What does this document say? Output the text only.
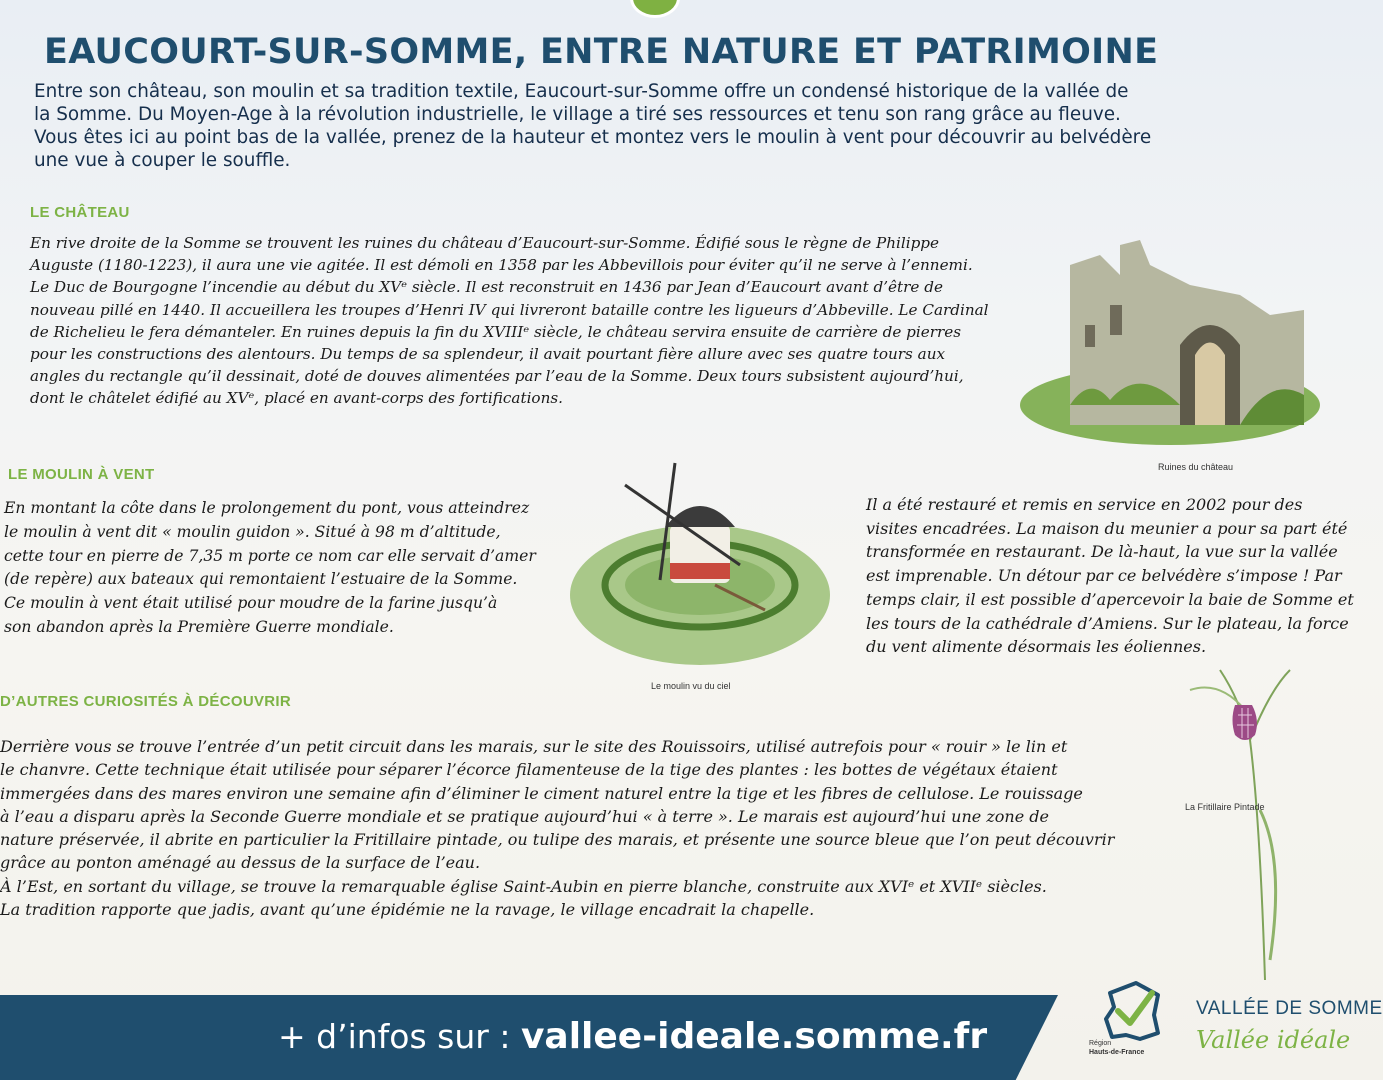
EAUCOURT-SUR-SOMME, ENTRE NATURE ET PATRIMOINE
Entre son château, son moulin et sa tradition textile, Eaucourt-sur-Somme offre un condensé historique de la vallée de
la Somme. Du Moyen-Age à la révolution industrielle, le village a tiré ses ressources et tenu son rang grâce au fleuve.
Vous êtes ici au point bas de la vallée, prenez de la hauteur et montez vers le moulin à vent pour découvrir au belvédère
une vue à couper le souffle.
LE CHÂTEAU
En rive droite de la Somme se trouvent les ruines du château d’Eaucourt-sur-Somme. Édifié sous le règne de Philippe
Auguste (1180-1223), il aura une vie agitée. Il est démoli en 1358 par les Abbevillois pour éviter qu’il ne serve à l’ennemi.
Le Duc de Bourgogne l’incendie au début du XVᵉ siècle. Il est reconstruit en 1436 par Jean d’Eaucourt avant d’être de
nouveau pillé en 1440. Il accueillera les troupes d’Henri IV qui livreront bataille contre les ligueurs d’Abbeville. Le Cardinal
de Richelieu le fera démanteler. En ruines depuis la fin du XVIIIᵉ siècle, le château servira ensuite de carrière de pierres
pour les constructions des alentours. Du temps de sa splendeur, il avait pourtant fière allure avec ses quatre tours aux
angles du rectangle qu’il dessinait, doté de douves alimentées par l’eau de la Somme. Deux tours subsistent aujourd’hui,
dont le châtelet édifié au XVᵉ, placé en avant-corps des fortifications.
Ruines du château
LE MOULIN À VENT
En montant la côte dans le prolongement du pont, vous atteindrez
le moulin à vent dit « moulin guidon ». Situé à 98 m d’altitude,
cette tour en pierre de 7,35 m porte ce nom car elle servait d’amer
(de repère) aux bateaux qui remontaient l’estuaire de la Somme.
Ce moulin à vent était utilisé pour moudre de la farine jusqu’à
son abandon après la Première Guerre mondiale.
Le moulin vu du ciel
Il a été restauré et remis en service en 2002 pour des
visites encadrées. La maison du meunier a pour sa part été
transformée en restaurant. De là-haut, la vue sur la vallée
est imprenable. Un détour par ce belvédère s’impose ! Par
temps clair, il est possible d’apercevoir la baie de Somme et
les tours de la cathédrale d’Amiens. Sur le plateau, la force
du vent alimente désormais les éoliennes.
D’AUTRES CURIOSITÉS À DÉCOUVRIR
Derrière vous se trouve l’entrée d’un petit circuit dans les marais, sur le site des Rouissoirs, utilisé autrefois pour « rouir » le lin et
le chanvre. Cette technique était utilisée pour séparer l’écorce filamenteuse de la tige des plantes : les bottes de végétaux étaient
immergées dans des mares environ une semaine afin d’éliminer le ciment naturel entre la tige et les fibres de cellulose. Le rouissage
à l’eau a disparu après la Seconde Guerre mondiale et se pratique aujourd’hui « à terre ». Le marais est aujourd’hui une zone de
nature préservée, il abrite en particulier la Fritillaire pintade, ou tulipe des marais, et présente une source bleue que l’on peut découvrir
grâce au ponton aménagé au dessus de la surface de l’eau.
À l’Est, en sortant du village, se trouve la remarquable église Saint-Aubin en pierre blanche, construite aux XVIᵉ et XVIIᵉ siècles.
La tradition rapporte que jadis, avant qu’une épidémie ne la ravage, le village encadrait la chapelle.
La Fritillaire Pintade
+ d’infos sur : vallee-ideale.somme.fr	Région
Hauts-de-France
VALLÉE DE SOMME
Vallée idéale
